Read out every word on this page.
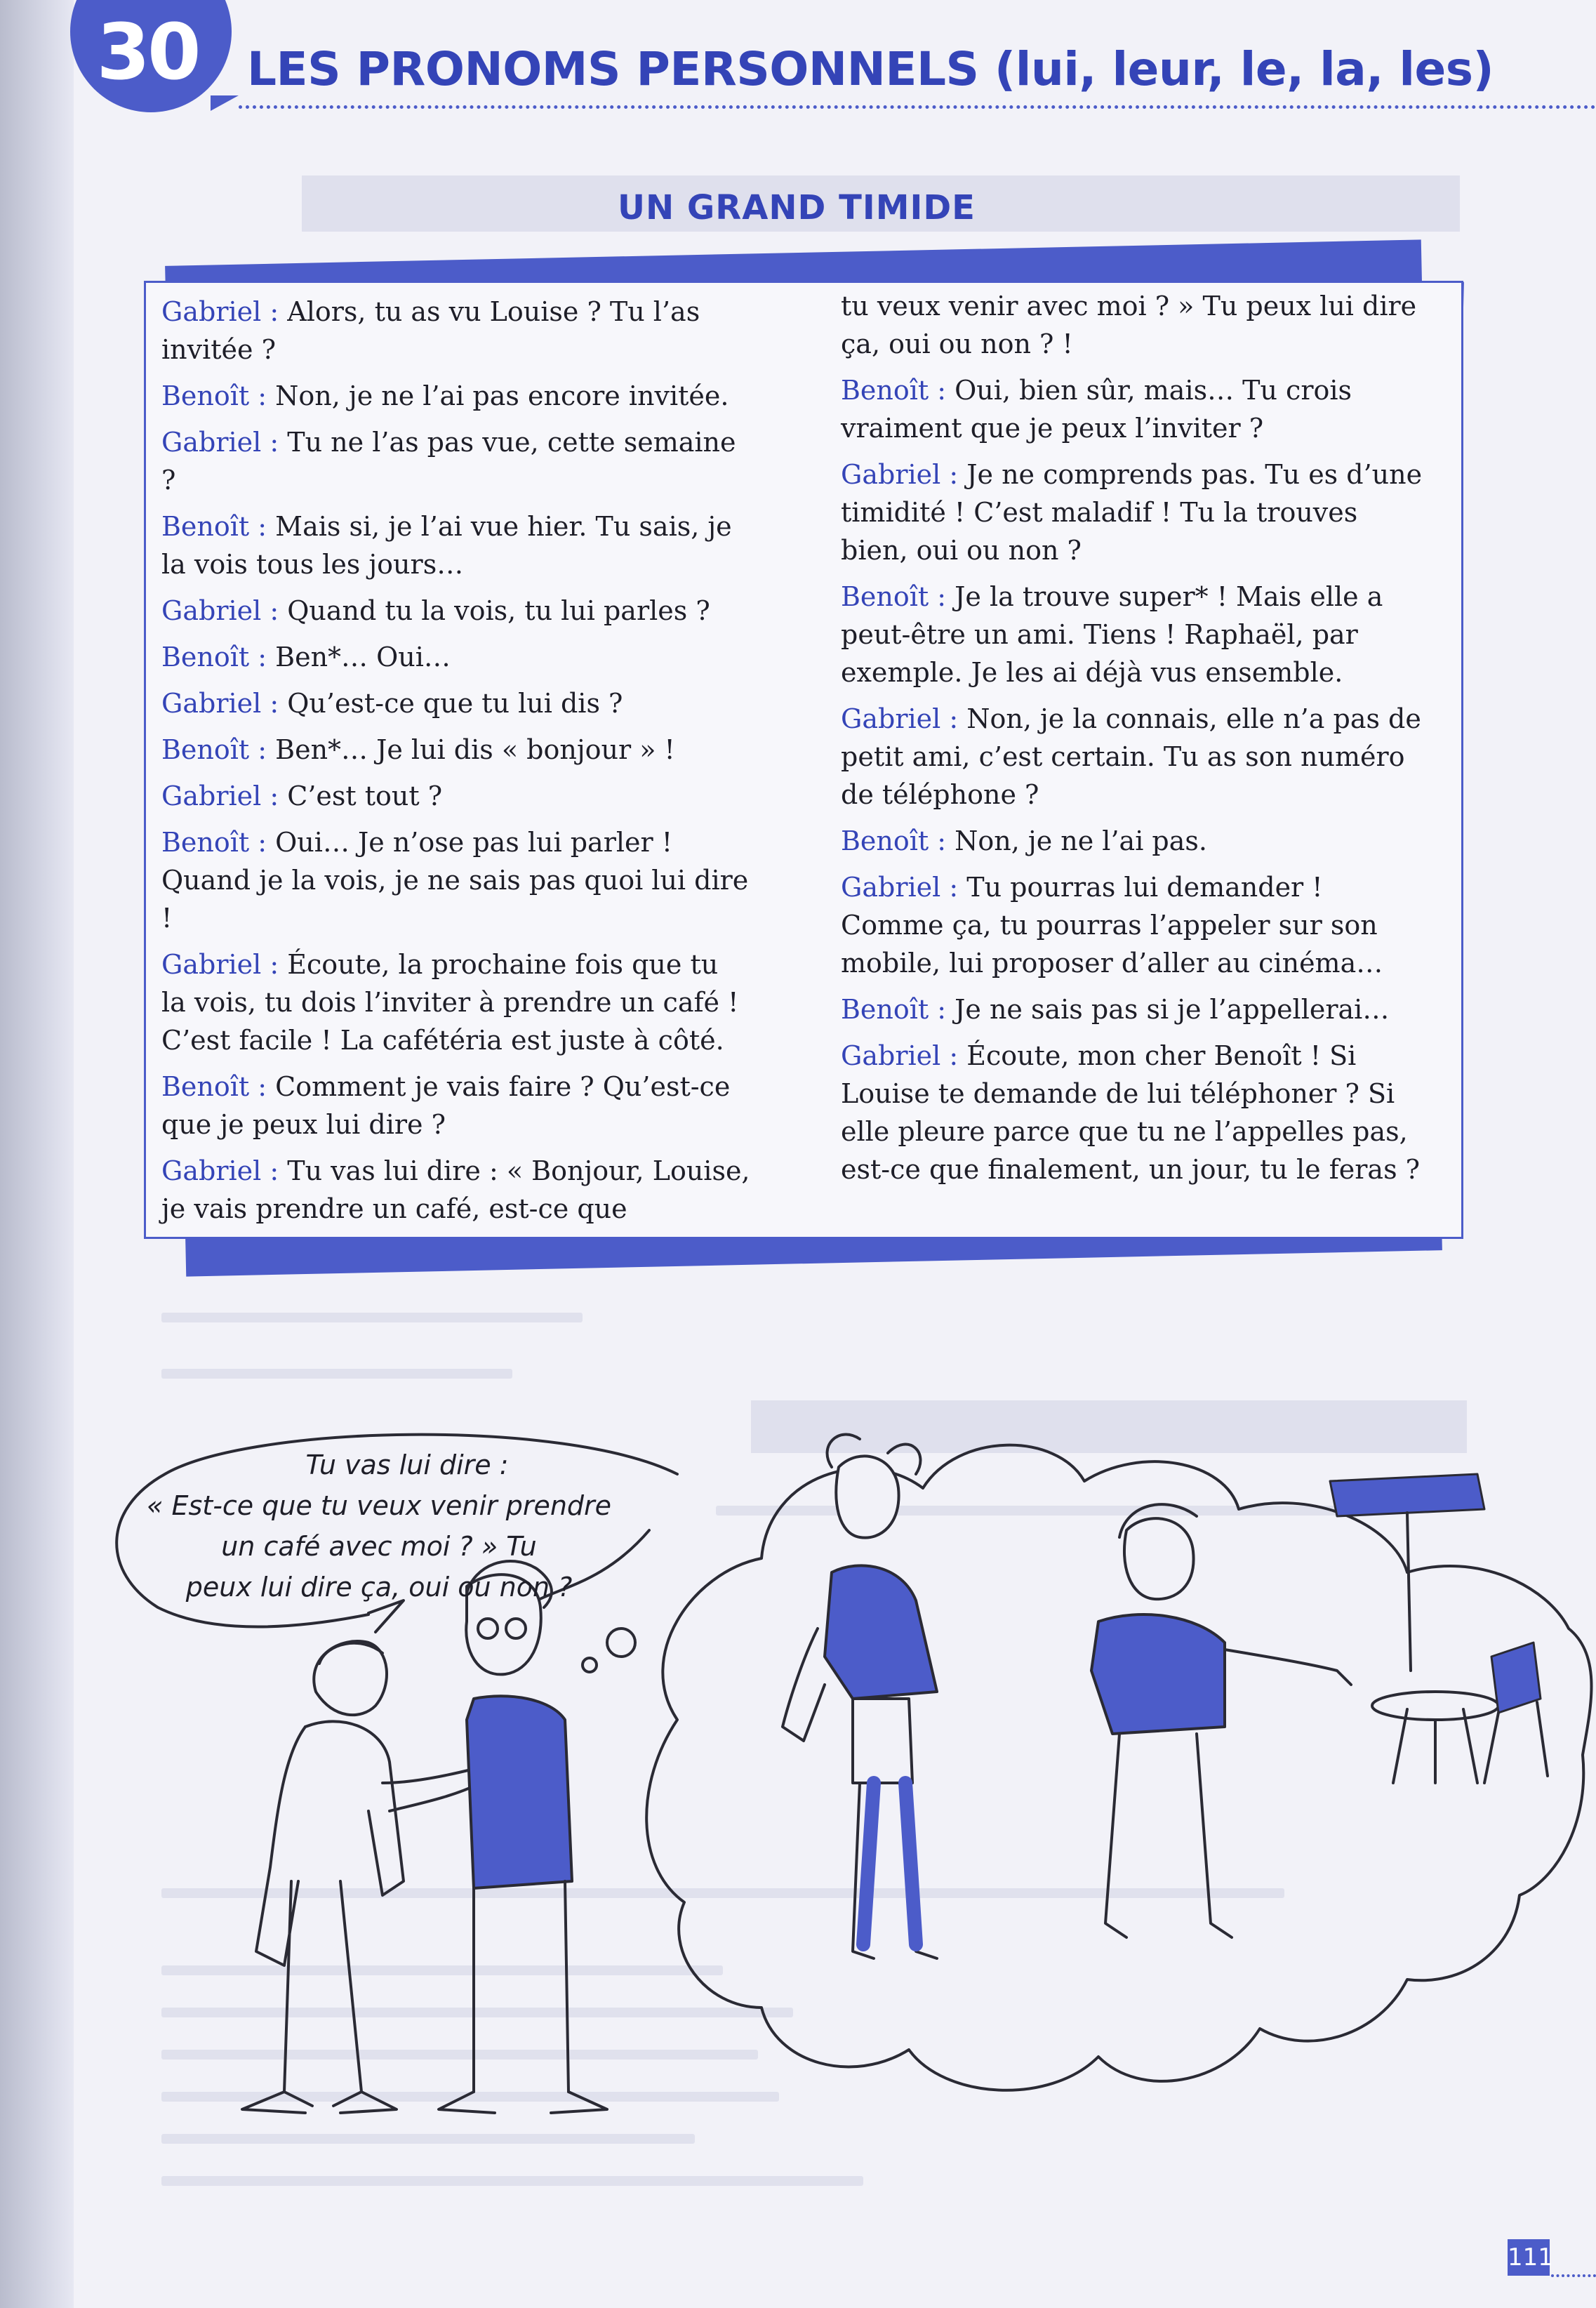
30	LES PRONOMS PERSONNELS (lui, leur, le, la, les)
UN GRAND TIMIDE

Gabriel : Alors, tu as vu Louise ? Tu l’as invitée ?

Benoît : Non, je ne l’ai pas encore invitée.

Gabriel : Tu ne l’as pas vue, cette semaine ?

Benoît : Mais si, je l’ai vue hier. Tu sais, je la vois tous les jours…

Gabriel : Quand tu la vois, tu lui parles ?

Benoît : Ben*… Oui…

Gabriel : Qu’est-ce que tu lui dis ?

Benoît : Ben*… Je lui dis « bonjour » !

Gabriel : C’est tout ?

Benoît : Oui… Je n’ose pas lui parler ! Quand je la vois, je ne sais pas quoi lui dire !

Gabriel : Écoute, la prochaine fois que tu la vois, tu dois l’inviter à prendre un café ! C’est facile ! La cafétéria est juste à côté.

Benoît : Comment je vais faire ? Qu’est-ce que je peux lui dire ?

Gabriel : Tu vas lui dire : « Bonjour, Louise, je vais prendre un café, est-ce que

tu veux venir avec moi ? » Tu peux lui dire ça, oui ou non ? !

Benoît : Oui, bien sûr, mais… Tu crois vraiment que je peux l’inviter ?

Gabriel : Je ne comprends pas. Tu es d’une timidité ! C’est maladif ! Tu la trouves bien, oui ou non ?

Benoît : Je la trouve super* ! Mais elle a peut-être un ami. Tiens ! Raphaël, par exemple. Je les ai déjà vus ensemble.

Gabriel : Non, je la connais, elle n’a pas de petit ami, c’est certain. Tu as son numéro de téléphone ?

Benoît : Non, je ne l’ai pas.

Gabriel : Tu pourras lui demander ! Comme ça, tu pourras l’appeler sur son mobile, lui proposer d’aller au cinéma…

Benoît : Je ne sais pas si je l’appellerai…

Gabriel : Écoute, mon cher Benoît ! Si Louise te demande de lui téléphoner ? Si elle pleure parce que tu ne l’appelles pas, est-ce que finalement, un jour, tu le feras ?

Tu vas lui dire :
« Est-ce que tu veux venir prendre
un café avec moi ? » Tu
peux lui dire ça, oui ou non ?
111
